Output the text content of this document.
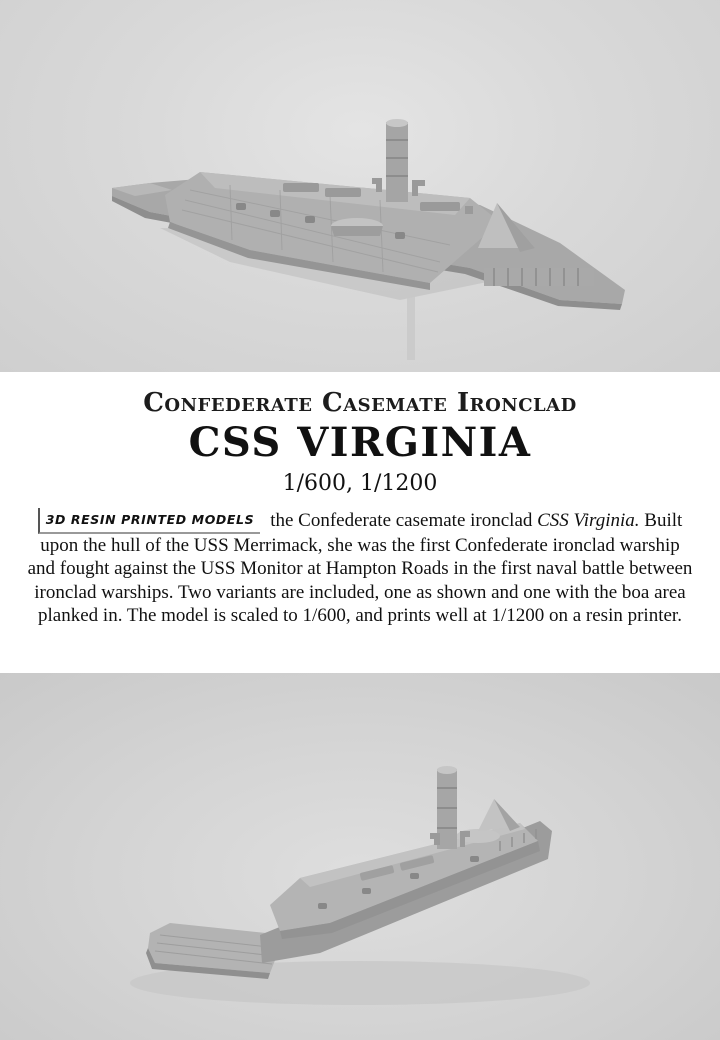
Confederate Casemate Ironclad
CSS VIRGINIA
1/600, 1/1200
3D RESIN PRINTED MODELS the Confederate casemate ironclad CSS Virginia. Built upon the hull of the USS Merrimack, she was the first Confederate ironclad warship and fought against the USS Monitor at Hampton Roads in the first naval battle between ironclad warships. Two variants are included, one as shown and one with the boa area planked in. The model is scaled to 1/600, and prints well at 1/1200 on a resin printer.
